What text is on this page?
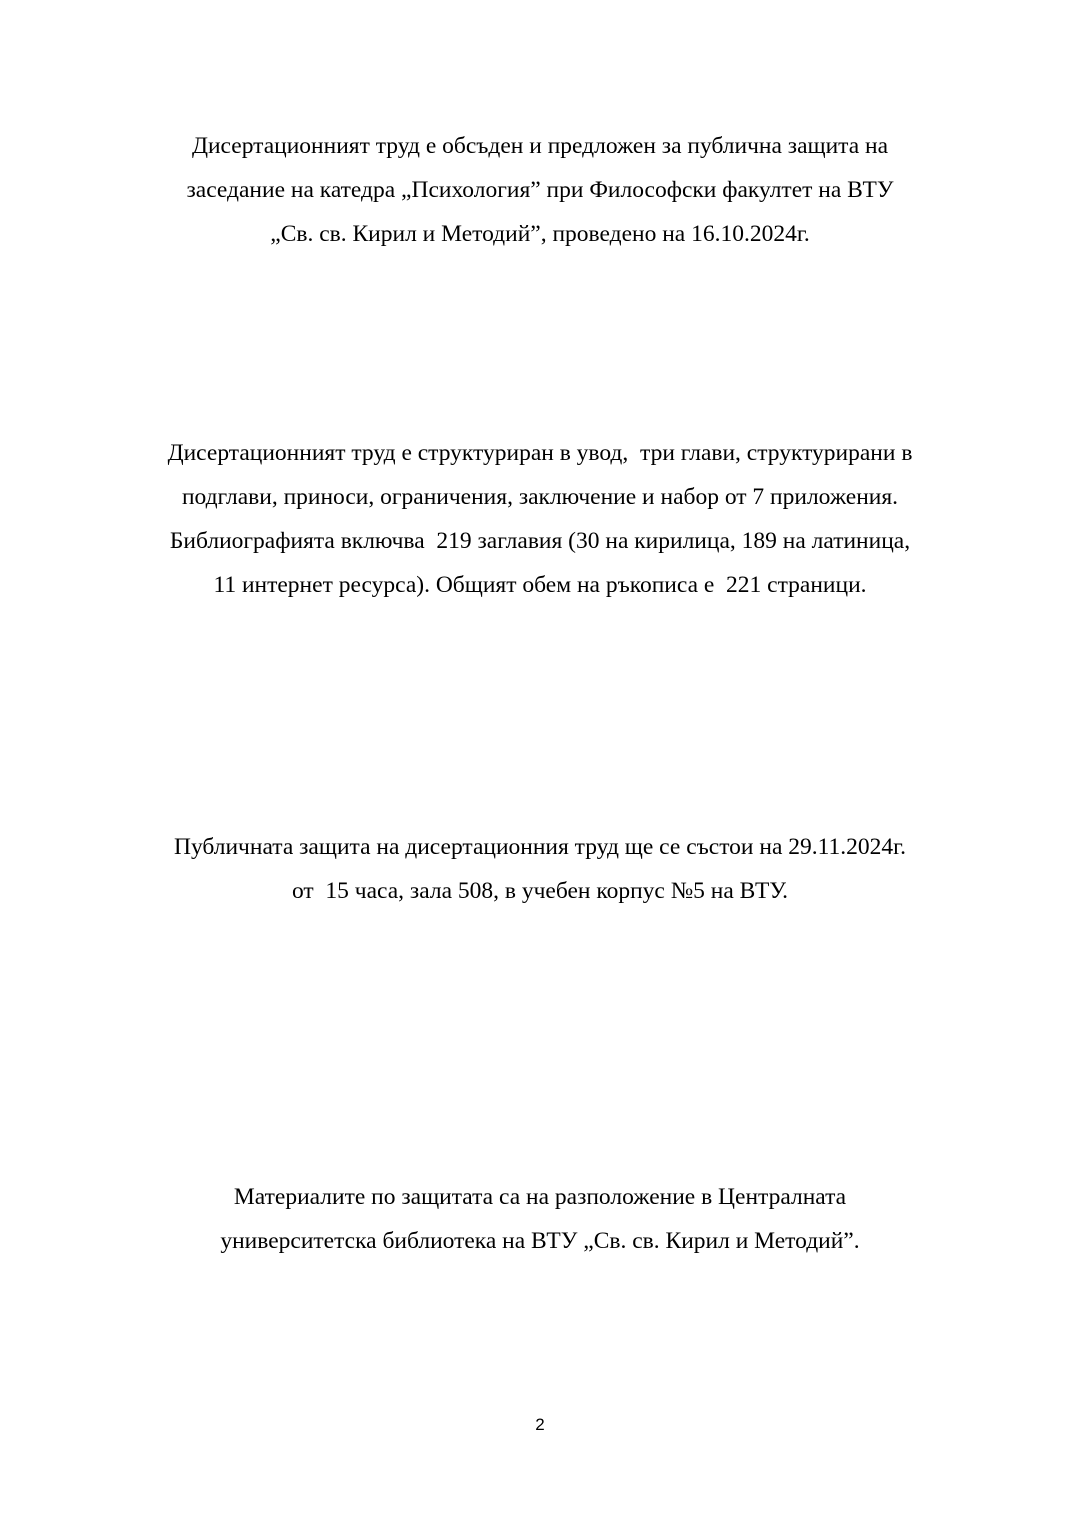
Дисертационният труд е обсъден и предложен за публична защита на
заседание на катедра „Психология” при Философски факултет на ВТУ
„Св. св. Кирил и Методий”, проведено на 16.10.2024г.

Дисертационният труд е структуриран в увод,  три глави, структурирани в
подглави, приноси, ограничения, заключение и набор от 7 приложения.
Библиографията включва  219 заглавия (30 на кирилица, 189 на латиница,
11 интернет ресурса). Общият обем на ръкописа е  221 страници.

Публичната защита на дисертационния труд ще се състои на 29.11.2024г.
от  15 часа, зала 508, в учебен корпус №5 на ВТУ.

Материалите по защитата са на разположение в Централната
университетска библиотека на ВТУ „Св. св. Кирил и Методий”.

2
